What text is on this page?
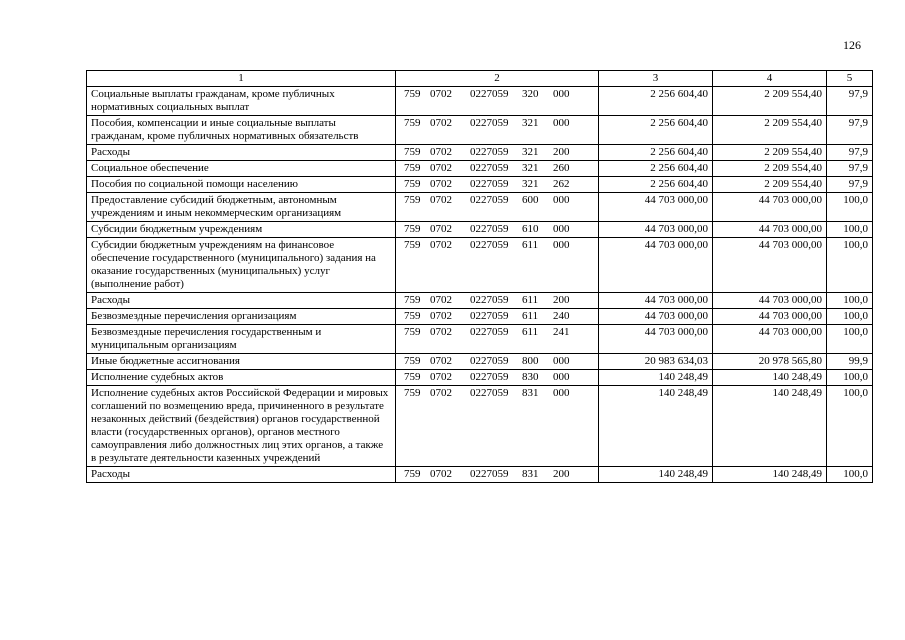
126
1	2	3	4	5
Социальные выплаты гражданам, кроме публичных нормативных социальных выплат	759 0702 0227059 320 000	2 256 604,40	2 209 554,40	97,9
Пособия, компенсации и иные социальные выплаты гражданам, кроме публичных нормативных обязательств	759 0702 0227059 321 000	2 256 604,40	2 209 554,40	97,9
Расходы	759 0702 0227059 321 200	2 256 604,40	2 209 554,40	97,9
Социальное обеспечение	759 0702 0227059 321 260	2 256 604,40	2 209 554,40	97,9
Пособия по социальной помощи населению	759 0702 0227059 321 262	2 256 604,40	2 209 554,40	97,9
Предоставление субсидий бюджетным, автономным учреждениям и иным некоммерческим организациям	759 0702 0227059 600 000	44 703 000,00	44 703 000,00	100,0
Субсидии бюджетным учреждениям	759 0702 0227059 610 000	44 703 000,00	44 703 000,00	100,0
Субсидии бюджетным учреждениям на финансовое обеспечение государственного (муниципального) задания на оказание государственных (муниципальных) услуг (выполнение работ)	759 0702 0227059 611 000	44 703 000,00	44 703 000,00	100,0
Расходы	759 0702 0227059 611 200	44 703 000,00	44 703 000,00	100,0
Безвозмездные перечисления организациям	759 0702 0227059 611 240	44 703 000,00	44 703 000,00	100,0
Безвозмездные перечисления государственным и муниципальным организациям	759 0702 0227059 611 241	44 703 000,00	44 703 000,00	100,0
Иные бюджетные ассигнования	759 0702 0227059 800 000	20 983 634,03	20 978 565,80	99,9
Исполнение судебных актов	759 0702 0227059 830 000	140 248,49	140 248,49	100,0
Исполнение судебных актов Российской Федерации и мировых соглашений по возмещению вреда, причиненного в результате незаконных действий (бездействия) органов государственной власти (государственных органов), органов местного самоуправления либо должностных лиц этих органов, а также в результате деятельности казенных учреждений	759 0702 0227059 831 000	140 248,49	140 248,49	100,0
Расходы	759 0702 0227059 831 200	140 248,49	140 248,49	100,0
